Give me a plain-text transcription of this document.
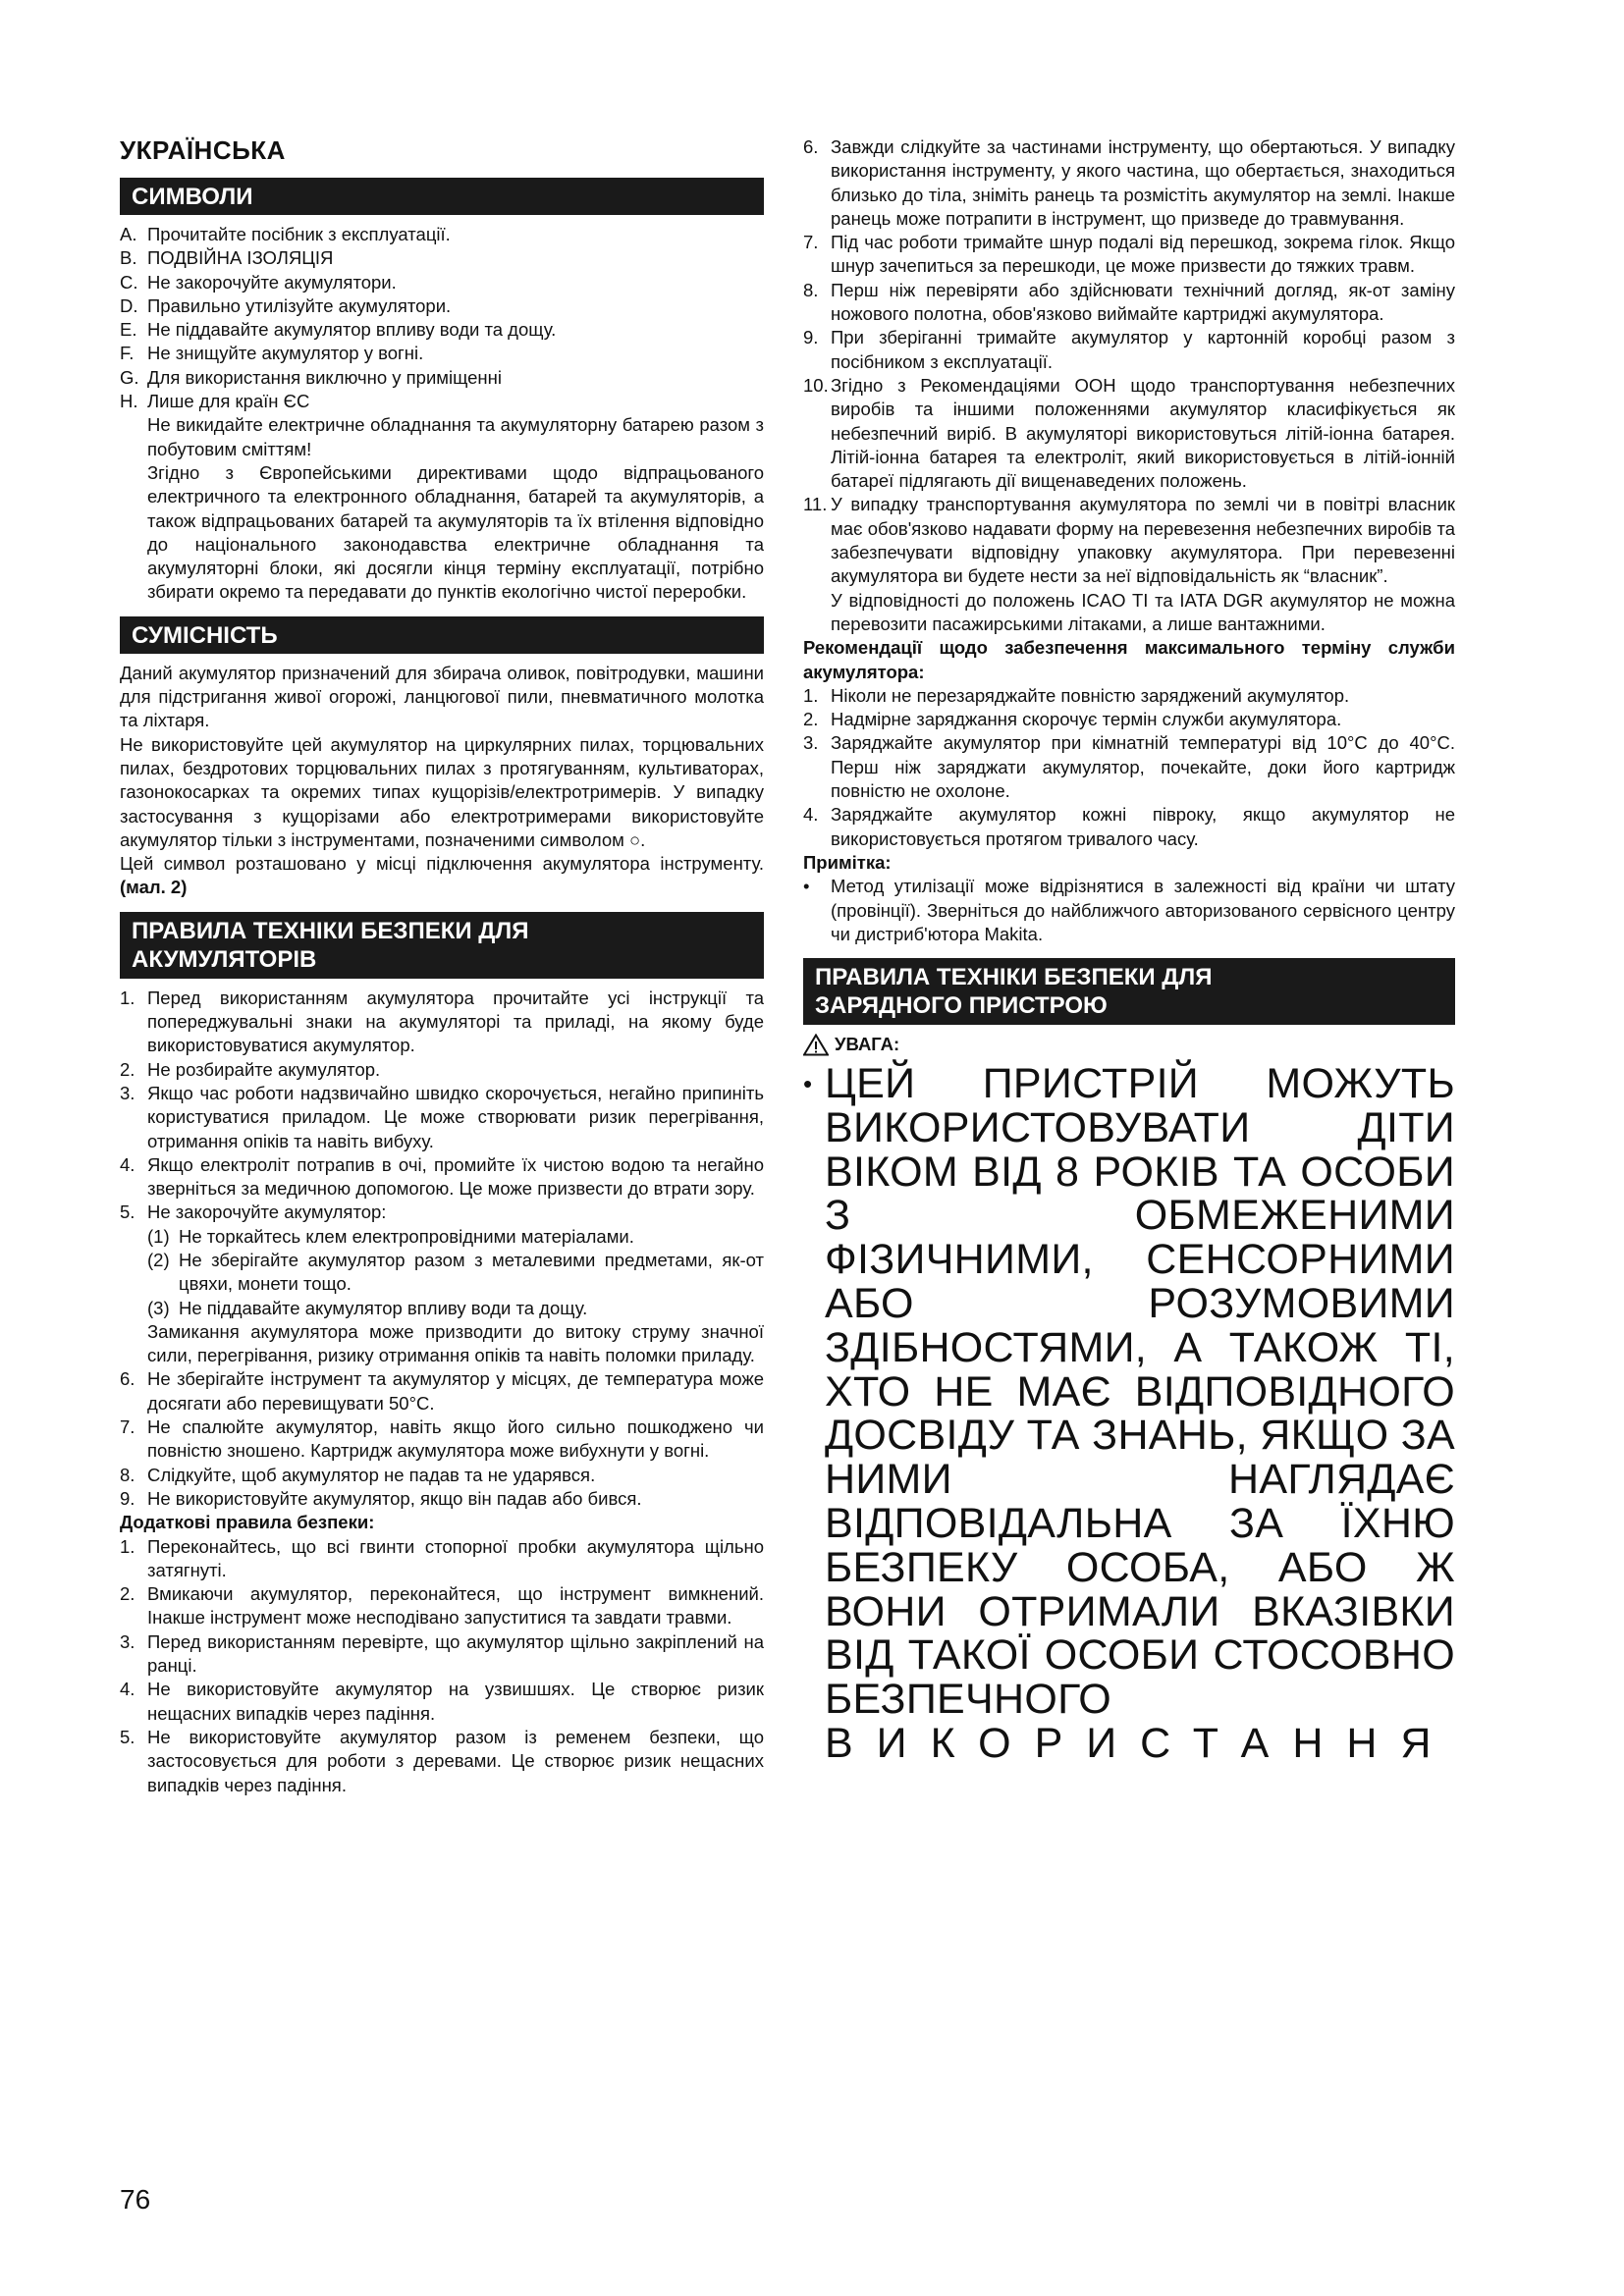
УКРАЇНСЬКА
СИМВОЛИ
A. Прочитайте посібник з експлуатації.
B. ПОДВІЙНА ІЗОЛЯЦІЯ
C. Не закорочуйте акумулятори.
D. Правильно утилізуйте акумулятори.
E. Не піддавайте акумулятор впливу води та дощу.
F. Не знищуйте акумулятор у вогні.
G. Для використання виключно у приміщенні
H. Лише для країн ЄС

Не викидайте електричне обладнання та акумуляторну батарею разом з побутовим сміттям!

Згідно з Європейськими директивами щодо відпрацьованого електричного та електронного обладнання, батарей та акумуляторів, а також відпрацьованих батарей та акумуляторів та їх втілення відповідно до національного законодавства електричне обладнання та акумуляторні блоки, які досягли кінця терміну експлуатації, потрібно збирати окремо та передавати до пунктів екологічно чистої переробки.

СУМІСНІСТЬ

Даний акумулятор призначений для збирача оливок, повітродувки, машини для підстригання живої огорожі, ланцюгової пили, пневматичного молотка та ліхтаря.

Не використовуйте цей акумулятор на циркулярних пилах, торцювальних пилах, бездротових торцювальних пилах з протягуванням, культиваторах, газонокосарках та окремих типах кущорізів/електротримерів. У випадку застосування з кущорізами або електротримерами використовуйте акумулятор тільки з інструментами, позначеними символом ○.

Цей символ розташовано у місці підключення акумулятора інструменту. (мал. 2)

ПРАВИЛА ТЕХНІКИ БЕЗПЕКИ ДЛЯ
АКУМУЛЯТОРІВ
1. Перед використанням акумулятора прочитайте усі інструкції та попереджувальні знаки на акумуляторі та приладі, на якому буде використовуватися акумулятор.
2. Не розбирайте акумулятор.
3. Якщо час роботи надзвичайно швидко скорочується, негайно припиніть користуватися приладом. Це може створювати ризик перегрівання, отримання опіків та навіть вибуху.
4. Якщо електроліт потрапив в очі, промийте їх чистою водою та негайно зверніться за медичною допомогою. Це може призвести до втрати зору.
5. Не закорочуйте акумулятор:
(1) Не торкайтесь клем електропровідними матеріалами.
(2) Не зберігайте акумулятор разом з металевими предметами, як-от цвяхи, монети тощо.
(3) Не піддавайте акумулятор впливу води та дощу.

Замикання акумулятора може призводити до витоку струму значної сили, перегрівання, ризику отримання опіків та навіть поломки приладу.

6. Не зберігайте інструмент та акумулятор у місцях, де температура може досягати або перевищувати 50°C.
7. Не спалюйте акумулятор, навіть якщо його сильно пошкоджено чи повністю зношено. Картридж акумулятора може вибухнути у вогні.
8. Слідкуйте, щоб акумулятор не падав та не ударявся.
9. Не використовуйте акумулятор, якщо він падав або бився.

Додаткові правила безпеки:

1. Переконайтесь, що всі гвинти стопорної пробки акумулятора щільно затягнуті.
2. Вмикаючи акумулятор, переконайтеся, що інструмент вимкнений. Інакше інструмент може несподівано запуститися та завдати травми.
3. Перед використанням перевірте, що акумулятор щільно закріплений на ранці.
4. Не використовуйте акумулятор на узвишшях. Це створює ризик нещасних випадків через падіння.
5. Не використовуйте акумулятор разом із ременем безпеки, що застосовується для роботи з деревами. Це створює ризик нещасних випадків через падіння.
6. Завжди слідкуйте за частинами інструменту, що обертаються. У випадку використання інструменту, у якого частина, що обертається, знаходиться близько до тіла, зніміть ранець та розмістіть акумулятор на землі. Інакше ранець може потрапити в інструмент, що призведе до травмування.
7. Під час роботи тримайте шнур подалі від перешкод, зокрема гілок. Якщо шнур зачепиться за перешкоди, це може призвести до тяжких травм.
8. Перш ніж перевіряти або здійснювати технічний догляд, як-от заміну ножового полотна, обов'язково виймайте картриджі акумулятора.
9. При зберіганні тримайте акумулятор у картонній коробці разом з посібником з експлуатації.
10. Згідно з Рекомендаціями ООН щодо транспортування небезпечних виробів та іншими положеннями акумулятор класифікується як небезпечний виріб. В акумуляторі використовуться літій-іонна батарея. Літій-іонна батарея та електроліт, який використовується в літій-іонній батареї підлягають дії вищенаведених положень.
11. У випадку транспортування акумулятора по землі чи в повітрі власник має обов'язково надавати форму на перевезення небезпечних виробів та забезпечувати відповідну упаковку акумулятора. При перевезенні акумулятора ви будете нести за неї відповідальність як “власник”.

У відповідності до положень ICAO TI та IATA DGR акумулятор не можна перевозити пасажирськими літаками, а лише вантажними.

Рекомендації щодо забезпечення максимального терміну служби акумулятора:

1. Ніколи не перезаряджайте повністю заряджений акумулятор.
2. Надмірне заряджання скорочує термін служби акумулятора.
3. Заряджайте акумулятор при кімнатній температурі від 10°C до 40°C. Перш ніж заряджати акумулятор, почекайте, доки його картридж повністю не охолоне.
4. Заряджайте акумулятор кожні півроку, якщо акумулятор не використовується протягом тривалого часу.

Примітка:

• Метод утилізації може відрізнятися в залежності від країни чи штату (провінції). Зверніться до найближчого авторизованого сервісного центру чи дистриб'ютора Makita.
ПРАВИЛА ТЕХНІКИ БЕЗПЕКИ ДЛЯ
ЗАРЯДНОГО ПРИСТРОЮ
УВАГА:
• ЦЕЙ ПРИСТРІЙ МОЖУТЬ ВИКОРИСТОВУВАТИ ДІТИ ВІКОМ ВІД 8 РОКІВ ТА ОСОБИ З ОБМЕЖЕНИМИ ФІЗИЧНИМИ, СЕНСОРНИМИ АБО РОЗУМОВИМИ ЗДІБНОСТЯМИ, А ТАКОЖ ТІ, ХТО НЕ МАЄ ВІДПОВІДНОГО ДОСВІДУ ТА ЗНАНЬ, ЯКЩО ЗА НИМИ НАГЛЯДАЄ ВІДПОВІДАЛЬНА ЗА ЇХНЮ БЕЗПЕКУ ОСОБА, АБО Ж ВОНИ ОТРИМАЛИ ВКАЗІВКИ ВІД ТАКОЇ ОСОБИ СТОСОВНО БЕЗПЕЧНОГО
ВИКОРИСТАННЯ
76
